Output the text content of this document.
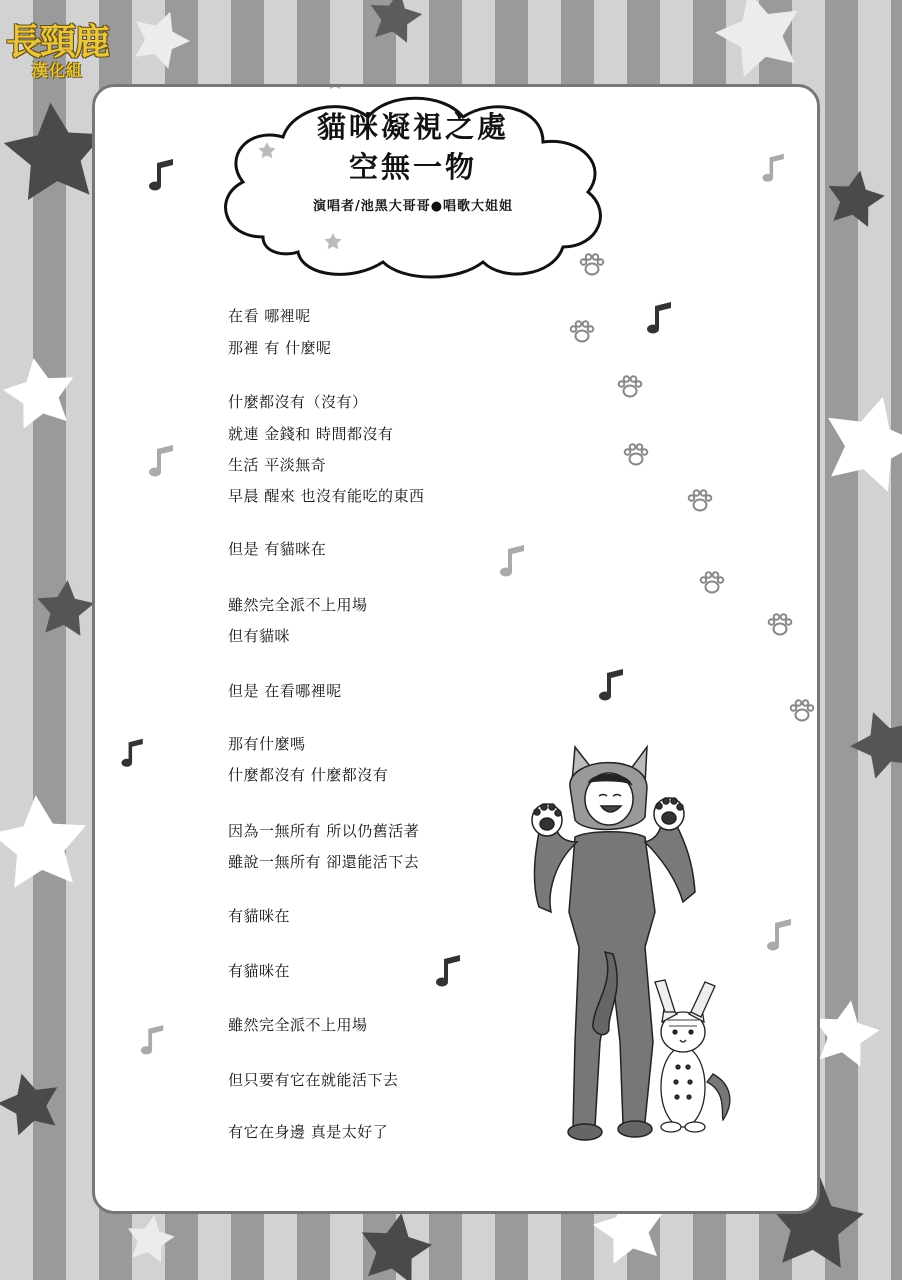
長頸鹿
漢化組
貓咪凝視之處
空無一物
演唱者/池黑大哥哥●唱歌大姐姐
在看 哪裡呢
那裡 有 什麼呢
什麼都沒有（沒有）
就連 金錢和 時間都沒有
生活 平淡無奇
早晨 醒來 也沒有能吃的東西
但是 有貓咪在
雖然完全派不上用場
但有貓咪
但是 在看哪裡呢
那有什麼嗎
什麼都沒有 什麼都沒有
因為一無所有 所以仍舊活著
雖說一無所有 卻還能活下去
有貓咪在
有貓咪在
雖然完全派不上用場
但只要有它在就能活下去
有它在身邊 真是太好了
